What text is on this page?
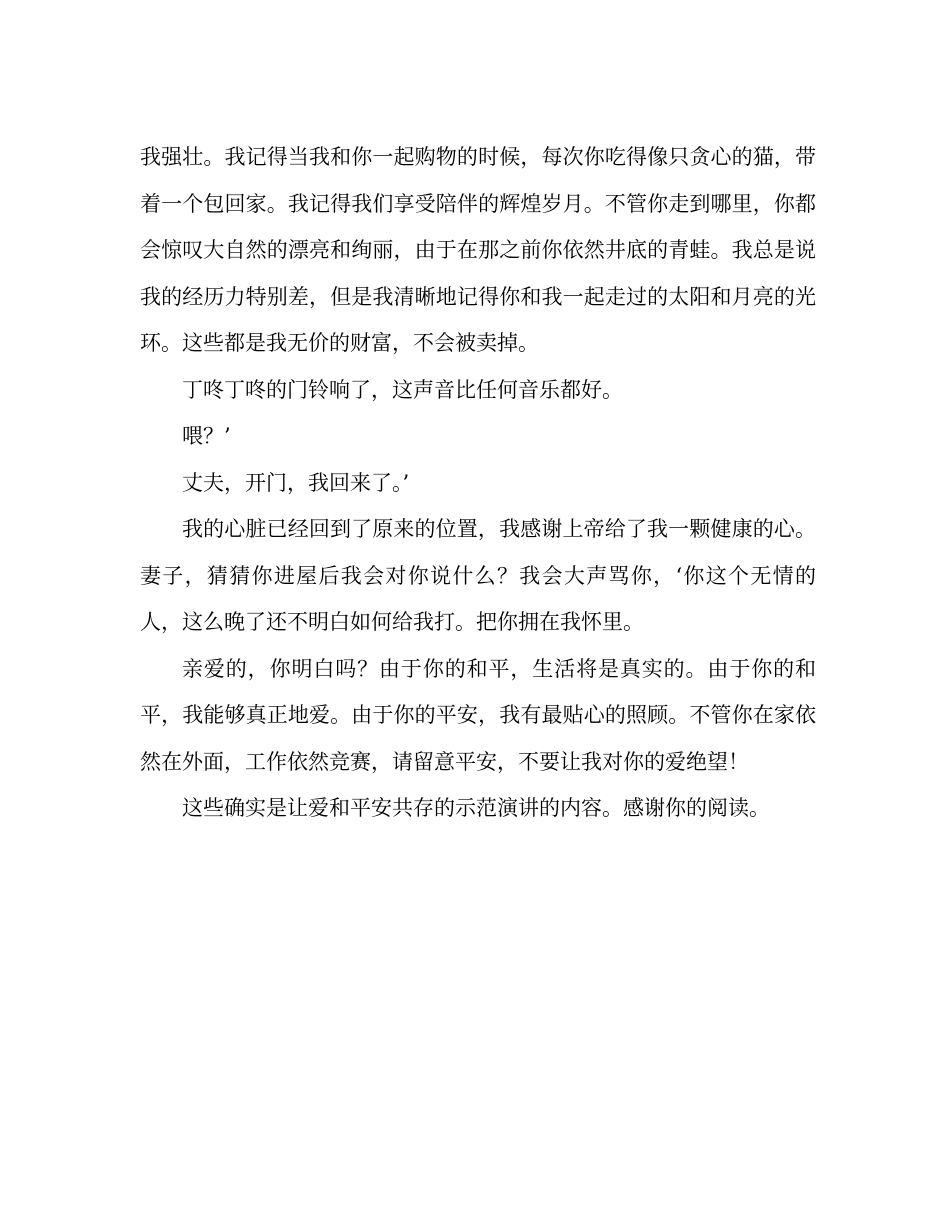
我强壮。我记得当我和你一起购物的时候，每次你吃得像只贪心的猫，带着一个包回家。我记得我们享受陪伴的辉煌岁月。不管你走到哪里，你都会惊叹大自然的漂亮和绚丽，由于在那之前你依然井底的青蛙。我总是说我的经历力特别差，但是我清晰地记得你和我一起走过的太阳和月亮的光环。这些都是我无价的财富，不会被卖掉。

丁咚丁咚的门铃响了，这声音比任何音乐都好。

喂？’

丈夫，开门，我回来了。’

我的心脏已经回到了原来的位置，我感谢上帝给了我一颗健康的心。妻子，猜猜你进屋后我会对你说什么？我会大声骂你，‘你这个无情的人，这么晚了还不明白如何给我打。把你拥在我怀里。

亲爱的，你明白吗？由于你的和平，生活将是真实的。由于你的和平，我能够真正地爱。由于你的平安，我有最贴心的照顾。不管你在家依然在外面，工作依然竞赛，请留意平安，不要让我对你的爱绝望！

这些确实是让爱和平安共存的示范演讲的内容。感谢你的阅读。
